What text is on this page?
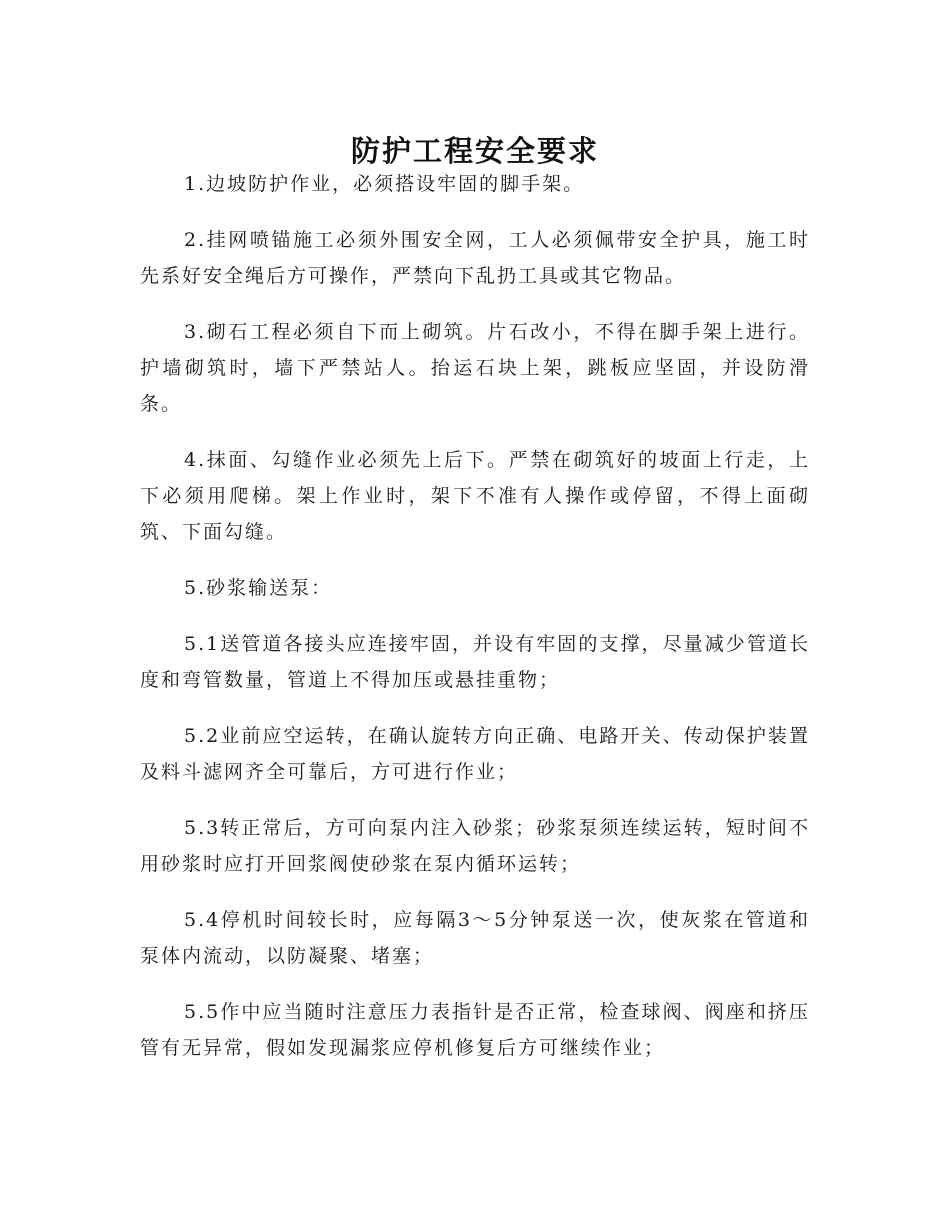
防护工程安全要求

1.边坡防护作业，必须搭设牢固的脚手架。

2.挂网喷锚施工必须外围安全网，工人必须佩带安全护具，施工时先系好安全绳后方可操作，严禁向下乱扔工具或其它物品。

3.砌石工程必须自下而上砌筑。片石改小，不得在脚手架上进行。护墙砌筑时，墙下严禁站人。抬运石块上架，跳板应坚固，并设防滑条。

4.抹面、勾缝作业必须先上后下。严禁在砌筑好的坡面上行走，上下必须用爬梯。架上作业时，架下不准有人操作或停留，不得上面砌筑、下面勾缝。

5.砂浆输送泵：

5.1送管道各接头应连接牢固，并设有牢固的支撑，尽量减少管道长度和弯管数量，管道上不得加压或悬挂重物；

5.2业前应空运转，在确认旋转方向正确、电路开关、传动保护装置及料斗滤网齐全可靠后，方可进行作业；

5.3转正常后，方可向泵内注入砂浆；砂浆泵须连续运转，短时间不用砂浆时应打开回浆阀使砂浆在泵内循环运转；

5.4停机时间较长时，应每隔3～5分钟泵送一次，使灰浆在管道和泵体内流动，以防凝聚、堵塞；

5.5作中应当随时注意压力表指针是否正常，检查球阀、阀座和挤压管有无异常，假如发现漏浆应停机修复后方可继续作业；
